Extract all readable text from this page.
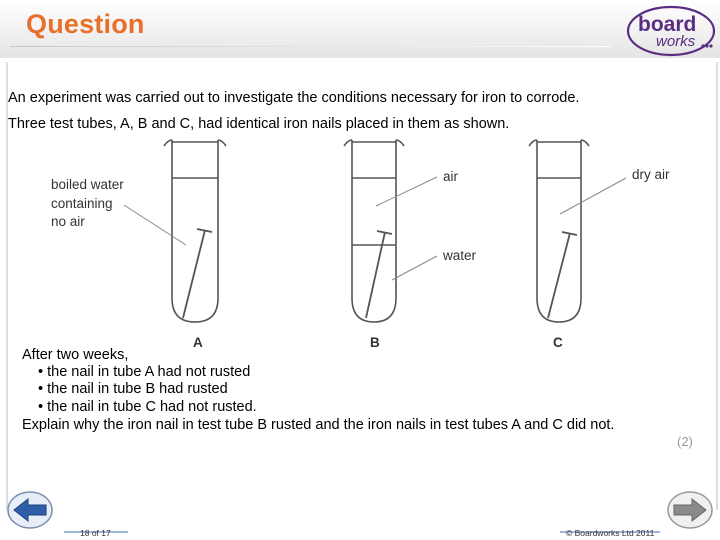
Question	board
works
An experiment was carried out to investigate the conditions necessary for iron to corrode.
Three test tubes, A, B and C, had identical iron nails placed in them as shown.
boiled water
containing
no air
air
water
dry air
A	B	C
After two weeks,
• the nail in tube A had not rusted
• the nail in tube B had rusted
• the nail in tube C had not rusted.
Explain why the iron nail in test tube B rusted and the iron nails in test tubes A and C did not.
(2)
18 of 17	© Boardworks Ltd 2011
